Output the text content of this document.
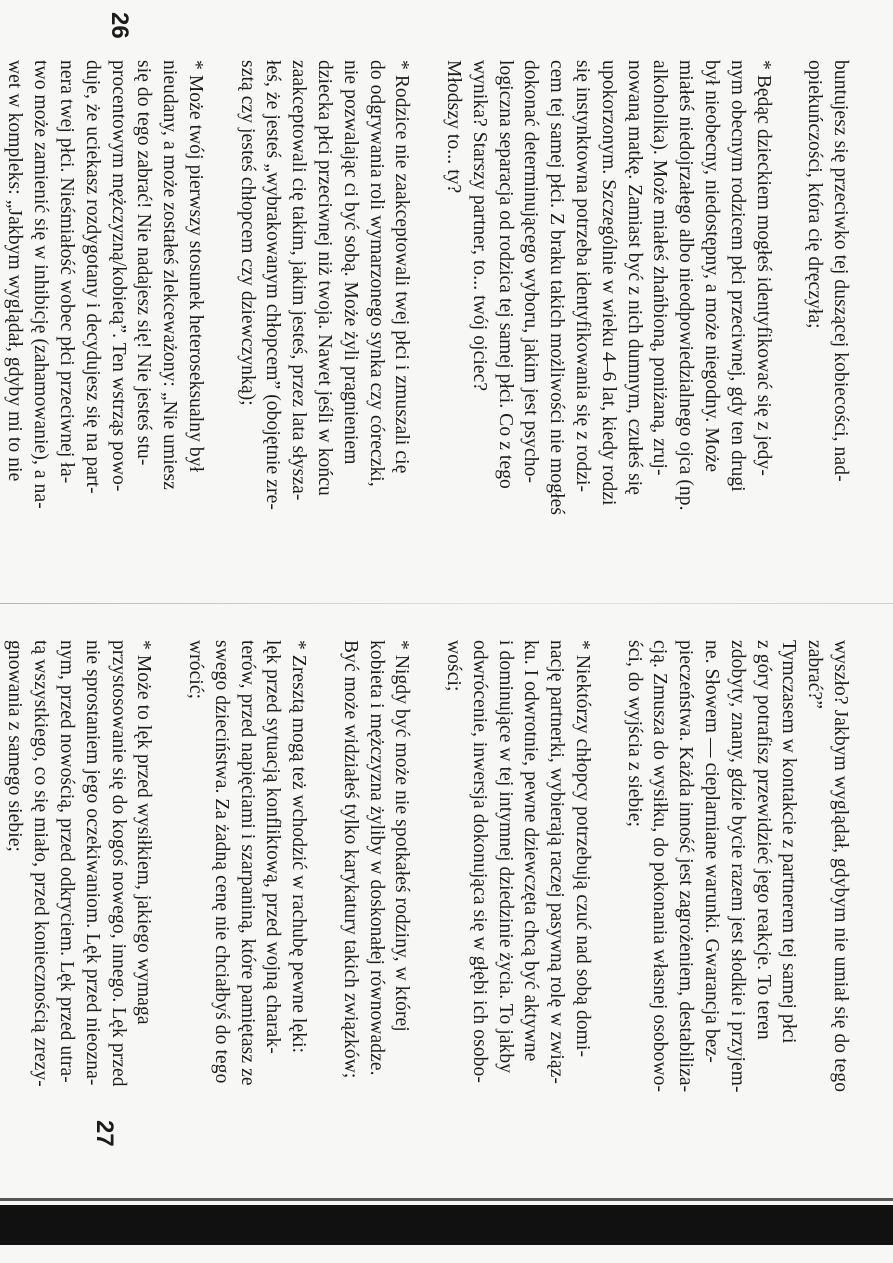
buntujesz się przeciwko tej duszącej kobiecości, nad-
opiekuńczości, która cię dręczyła;
* Będąc dzieckiem mogłeś identyfikować się z jedy-
nym obecnym rodzicem płci przeciwnej, gdy ten drugi
był nieobecny, niedostępny, a może niegodny. Może
miałeś niedojrzałego albo nieodpowiedzialnego ojca (np.
alkoholika). Może miałeś zhańbioną, poniżaną, zruj-
nowaną matkę. Zamiast być z nich dumnym, czułeś się
upokorzonym. Szczególnie w wieku 4–6 lat, kiedy rodzi
się instynktowna potrzeba identyfikowania się z rodzi-
cem tej samej płci. Z braku takich możliwości nie mogłeś
dokonać determinującego wyboru, jakim jest psycho-
logiczna separacja od rodzica tej samej płci. Co z tego
wynika? Starszy partner, to... twój ojciec?
Młodszy to... ty?
* Rodzice nie zaakceptowali twej płci i zmuszali cię
do odgrywania roli wymarzonego synka czy córeczki,
nie pozwalając ci być sobą. Może żyli pragnieniem
dziecka płci przeciwnej niż twoja. Nawet jeśli w końcu
zaakceptowali cię takim, jakim jesteś, przez lata słysza-
łeś, że jesteś „wybrakowanym chłopcem” (obojętnie zre-
sztą czy jesteś chłopcem czy dziewczynką);
* Może twój pierwszy stosunek heteroseksualny był
nieudany, a może zostałeś zlekceważony: „Nie umiesz
się do tego zabrać! Nie nadajesz się! Nie jesteś stu-
procentowym mężczyzną/kobietą”. Ten wstrząs powo-
duje, że uciekasz rozdygotany i decydujesz się na part-
nera twej płci. Nieśmiałość wobec płci przeciwnej ła-
two może zamienić się w inhibicję (zahamowanie), a na-
wet w kompleks: „Jakbym wyglądał, gdyby mi to nie
wyszło? Jakbym wyglądał, gdybym nie umiał się do tego
zabrać?”
Tymczasem w kontakcie z partnerem tej samej płci
z góry potrafisz przewidzieć jego reakcje. To teren
zdobyty, znany, gdzie bycie razem jest słodkie i przyjem-
ne. Słowem — cieplarniane warunki. Gwarancja bez-
pieczeństwa. Każda inność jest zagrożeniem, destabiliza-
cją. Zmusza do wysiłku, do pokonania własnej osobowo-
ści, do wyjścia z siebie;
* Niektórzy chłopcy potrzebują czuć nad sobą domi-
nację partnerki, wybierają raczej pasywną rolę w związ-
ku. I odwrotnie, pewne dziewczęta chcą być aktywne
i dominujące w tej intymnej dziedzinie życia. To jakby
odwrócenie, inwersja dokonująca się w głębi ich osobo-
wości;
* Nigdy być może nie spotkałeś rodziny, w której
kobieta i mężczyzna żyliby w doskonałej równowadze.
Być może widziałeś tylko karykatury takich związków;
* Zresztą mogą też wchodzić w rachubę pewne lęki:
lęk przed sytuacją konfliktową, przed wojną charak-
terów, przed napięciami i szarpaniną, które pamiętasz ze
swego dzieciństwa. Za żadną cenę nie chciałbyś do tego
wrócić;
* Może to lęk przed wysiłkiem, jakiego wymaga
przystosowanie się do kogoś nowego, innego. Lęk przed
nie sprostaniem jego oczekiwaniom. Lęk przed nieozna-
nym, przed nowością, przed odkryciem. Lęk przed utra-
tą wszystkiego, co się miało, przed koniecznością zrezy-
gnowania z samego siebie;
26
27
